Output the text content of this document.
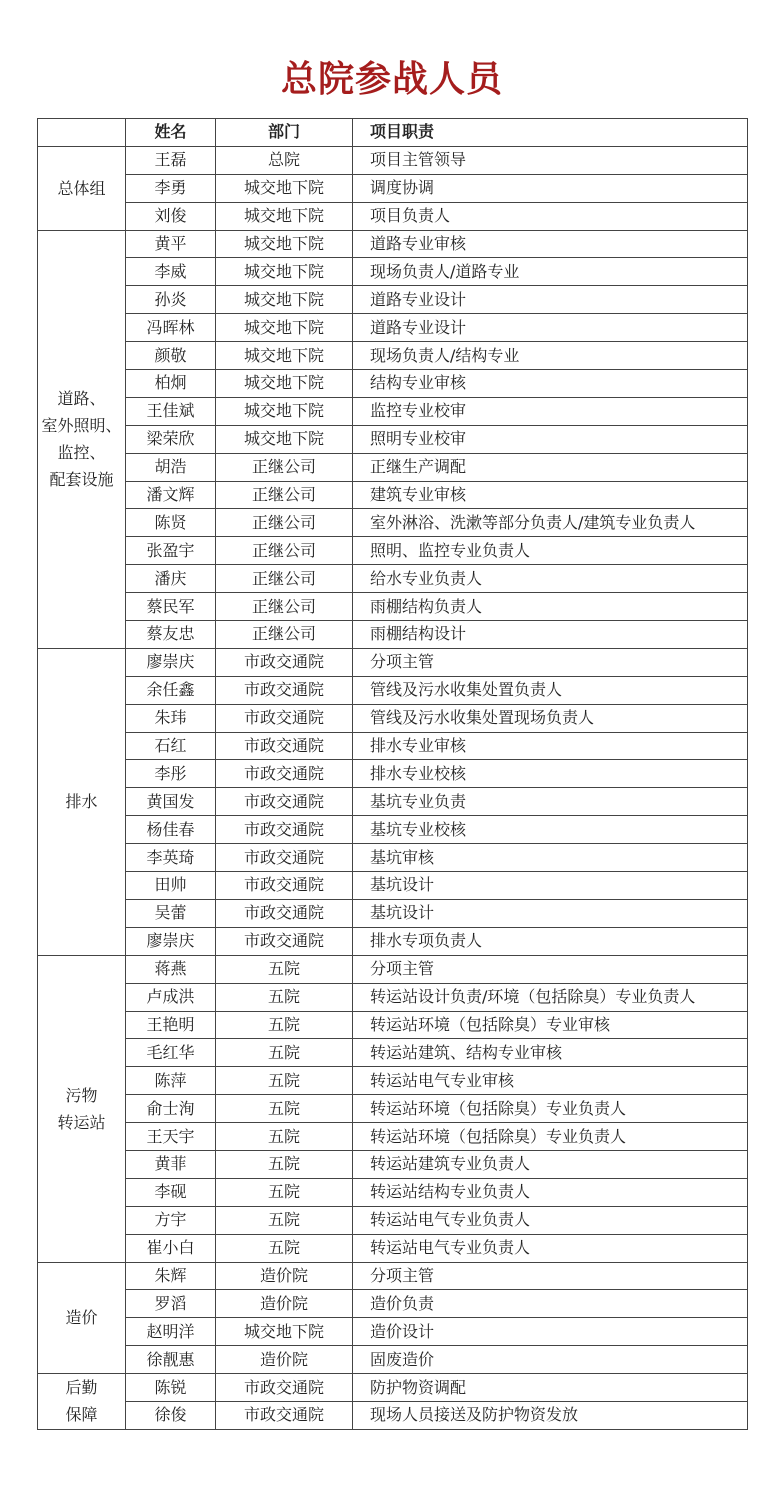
总院参战人员
	姓名	部门	项目职责

总体组	王磊	总院	项目主管领导
	李勇	城交地下院	调度协调
	刘俊	城交地下院	项目负责人

道路、
室外照明、
监控、
配套设施	黄平	城交地下院	道路专业审核
	李威	城交地下院	现场负责人/道路专业
	孙炎	城交地下院	道路专业设计
	冯晖林	城交地下院	道路专业设计
	颜敬	城交地下院	现场负责人/结构专业
	柏炯	城交地下院	结构专业审核
	王佳斌	城交地下院	监控专业校审
	梁荣欣	城交地下院	照明专业校审
	胡浩	正继公司	正继生产调配
	潘文辉	正继公司	建筑专业审核
	陈贤	正继公司	室外淋浴、洗漱等部分负责人/建筑专业负责人
	张盈宇	正继公司	照明、监控专业负责人
	潘庆	正继公司	给水专业负责人
	蔡民军	正继公司	雨棚结构负责人
	蔡友忠	正继公司	雨棚结构设计

排水	廖崇庆	市政交通院	分项主管
	余任鑫	市政交通院	管线及污水收集处置负责人
	朱玮	市政交通院	管线及污水收集处置现场负责人
	石红	市政交通院	排水专业审核
	李彤	市政交通院	排水专业校核
	黄国发	市政交通院	基坑专业负责
	杨佳春	市政交通院	基坑专业校核
	李英琦	市政交通院	基坑审核
	田帅	市政交通院	基坑设计
	吴蕾	市政交通院	基坑设计
	廖崇庆	市政交通院	排水专项负责人

污物
转运站	蒋燕	五院	分项主管
	卢成洪	五院	转运站设计负责/环境（包括除臭）专业负责人
	王艳明	五院	转运站环境（包括除臭）专业审核
	毛红华	五院	转运站建筑、结构专业审核
	陈萍	五院	转运站电气专业审核
	俞士洵	五院	转运站环境（包括除臭）专业负责人
	王天宇	五院	转运站环境（包括除臭）专业负责人
	黄菲	五院	转运站建筑专业负责人
	李砚	五院	转运站结构专业负责人
	方宇	五院	转运站电气专业负责人
	崔小白	五院	转运站电气专业负责人

造价	朱辉	造价院	分项主管
	罗滔	造价院	造价负责
	赵明洋	城交地下院	造价设计
	徐靓惠	造价院	固废造价

后勤
保障	陈锐	市政交通院	防护物资调配
	徐俊	市政交通院	现场人员接送及防护物资发放
